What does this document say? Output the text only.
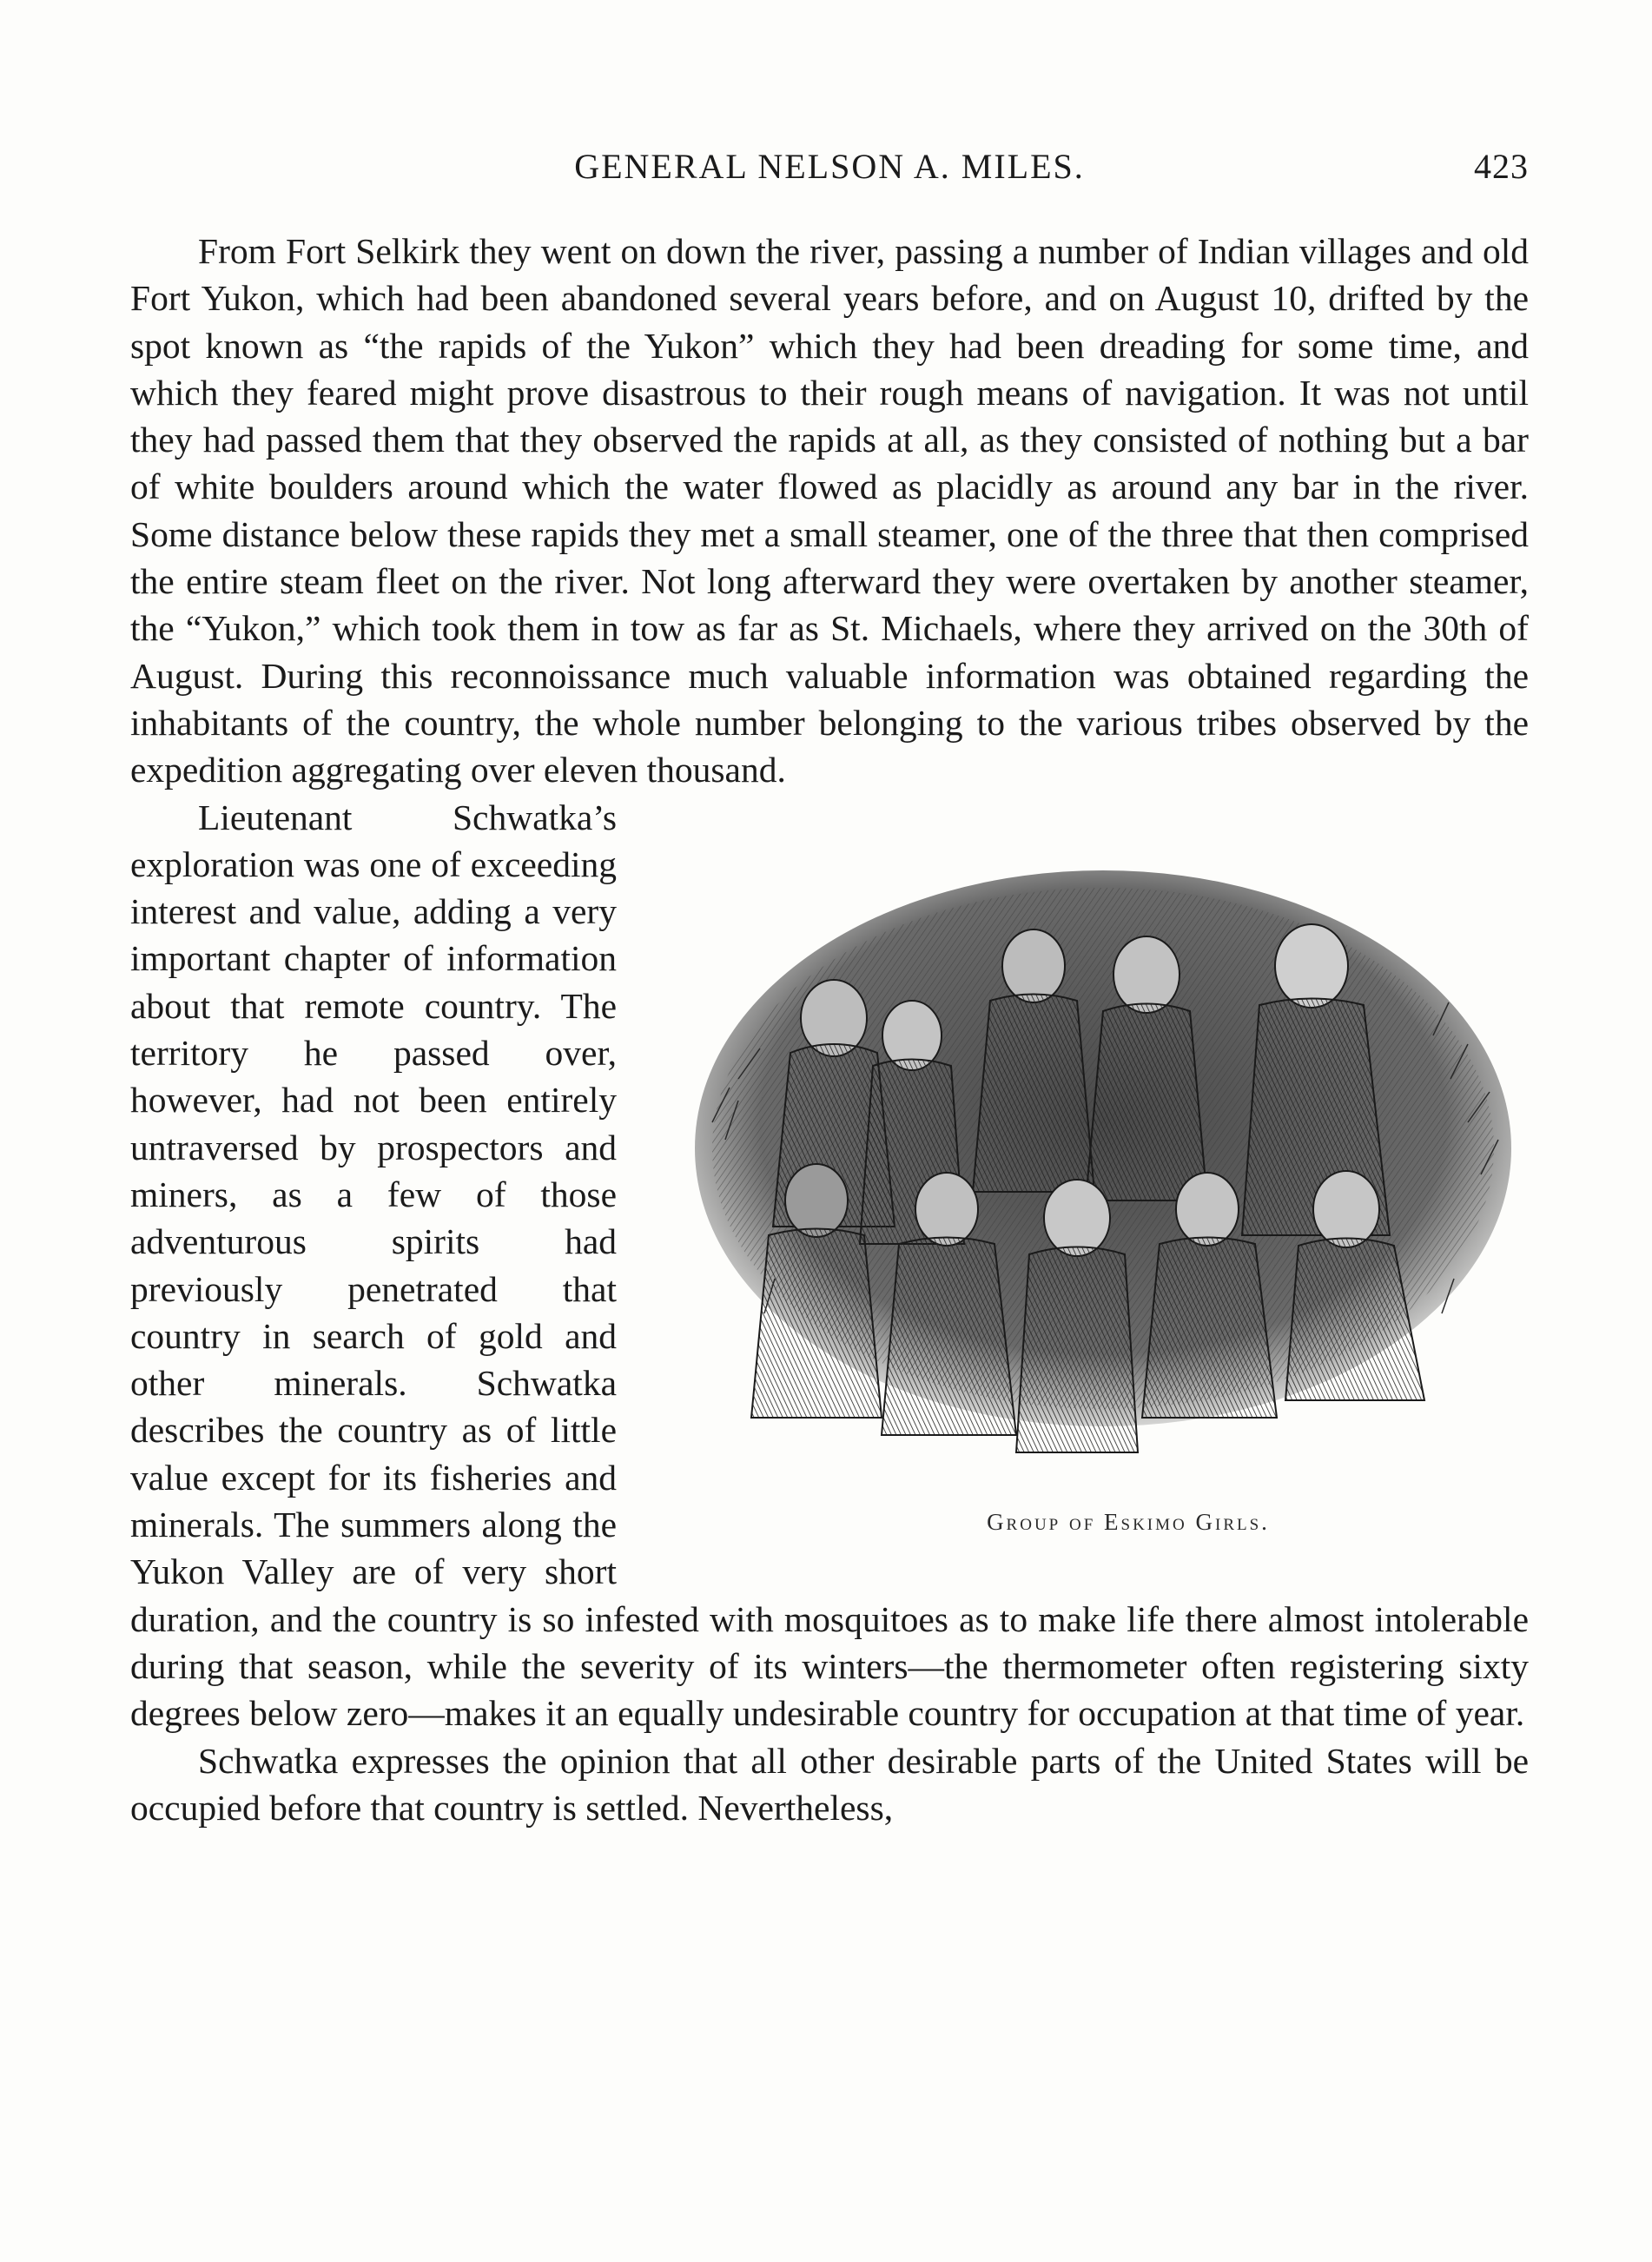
GENERAL NELSON A. MILES.	423

From Fort Selkirk they went on down the river, passing a number of Indian villages and old Fort Yukon, which had been abandoned several years before, and on August 10, drifted by the spot known as “the rapids of the Yukon” which they had been dreading for some time, and which they feared might prove disastrous to their rough means of navigation. It was not until they had passed them that they observed the rapids at all, as they consisted of nothing but a bar of white boulders around which the water flowed as placidly as around any bar in the river. Some distance below these rapids they met a small steamer, one of the three that then comprised the entire steam fleet on the river. Not long afterward they were overtaken by another steamer, the “Yukon,” which took them in tow as far as St. Michaels, where they arrived on the 30th of August. During this reconnoissance much valuable information was obtained regarding the inhabitants of the country, the whole number belonging to the various tribes observed by the expedition aggregating over eleven thousand.

Group of Eskimo Girls.
Lieutenant Schwatka’s exploration was one of exceeding interest and value, adding a very important chapter of information about that remote country. The territory he passed over, however, had not been entirely untraversed by prospectors and miners, as a few of those adventurous spirits had previously penetrated that country in search of gold and other minerals. Schwatka describes the country as of little value except for its fisheries and minerals. The summers along the Yukon Valley are of very short duration, and the country is so infested with mosquitoes as to make life there almost intolerable during that season, while the severity of its winters—the thermometer often registering sixty degrees below zero—makes it an equally undesirable country for occupation at that time of year.

Schwatka expresses the opinion that all other desirable parts of the United States will be occupied before that country is settled. Nevertheless,
